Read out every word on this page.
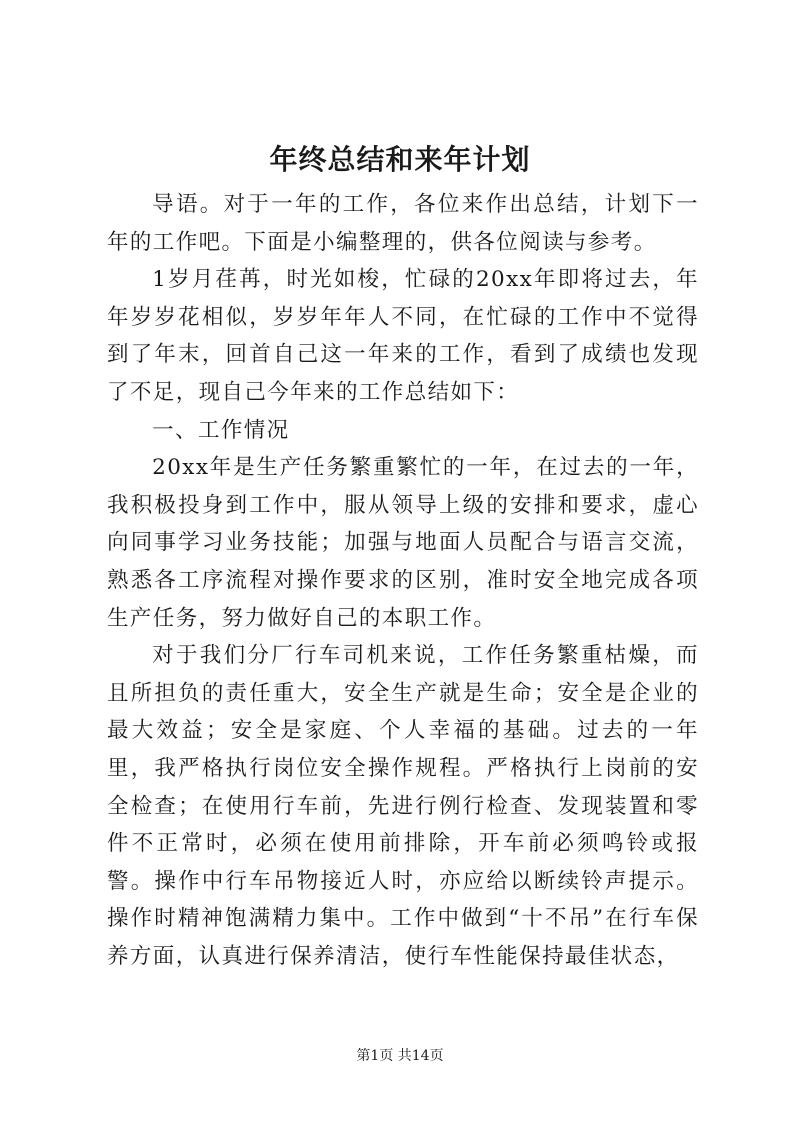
年终总结和来年计划

导语。对于一年的工作，各位来作出总结，计划下一年的工作吧。下面是小编整理的，供各位阅读与参考。

1岁月荏苒，时光如梭，忙碌的20xx年即将过去，年年岁岁花相似，岁岁年年人不同，在忙碌的工作中不觉得到了年末，回首自己这一年来的工作，看到了成绩也发现了不足，现自己今年来的工作总结如下：

一、工作情况

20xx年是生产任务繁重繁忙的一年，在过去的一年，我积极投身到工作中，服从领导上级的安排和要求，虚心向同事学习业务技能；加强与地面人员配合与语言交流，熟悉各工序流程对操作要求的区别，准时安全地完成各项生产任务，努力做好自己的本职工作。

对于我们分厂行车司机来说，工作任务繁重枯燥，而且所担负的责任重大，安全生产就是生命；安全是企业的最大效益；安全是家庭、个人幸福的基础。过去的一年里，我严格执行岗位安全操作规程。严格执行上岗前的安全检查；在使用行车前，先进行例行检查、发现装置和零件不正常时，必须在使用前排除，开车前必须鸣铃或报警。操作中行车吊物接近人时，亦应给以断续铃声提示。操作时精神饱满精力集中。工作中做到“十不吊”在行车保养方面，认真进行保养清洁，使行车性能保持最佳状态，

第1页 共14页
